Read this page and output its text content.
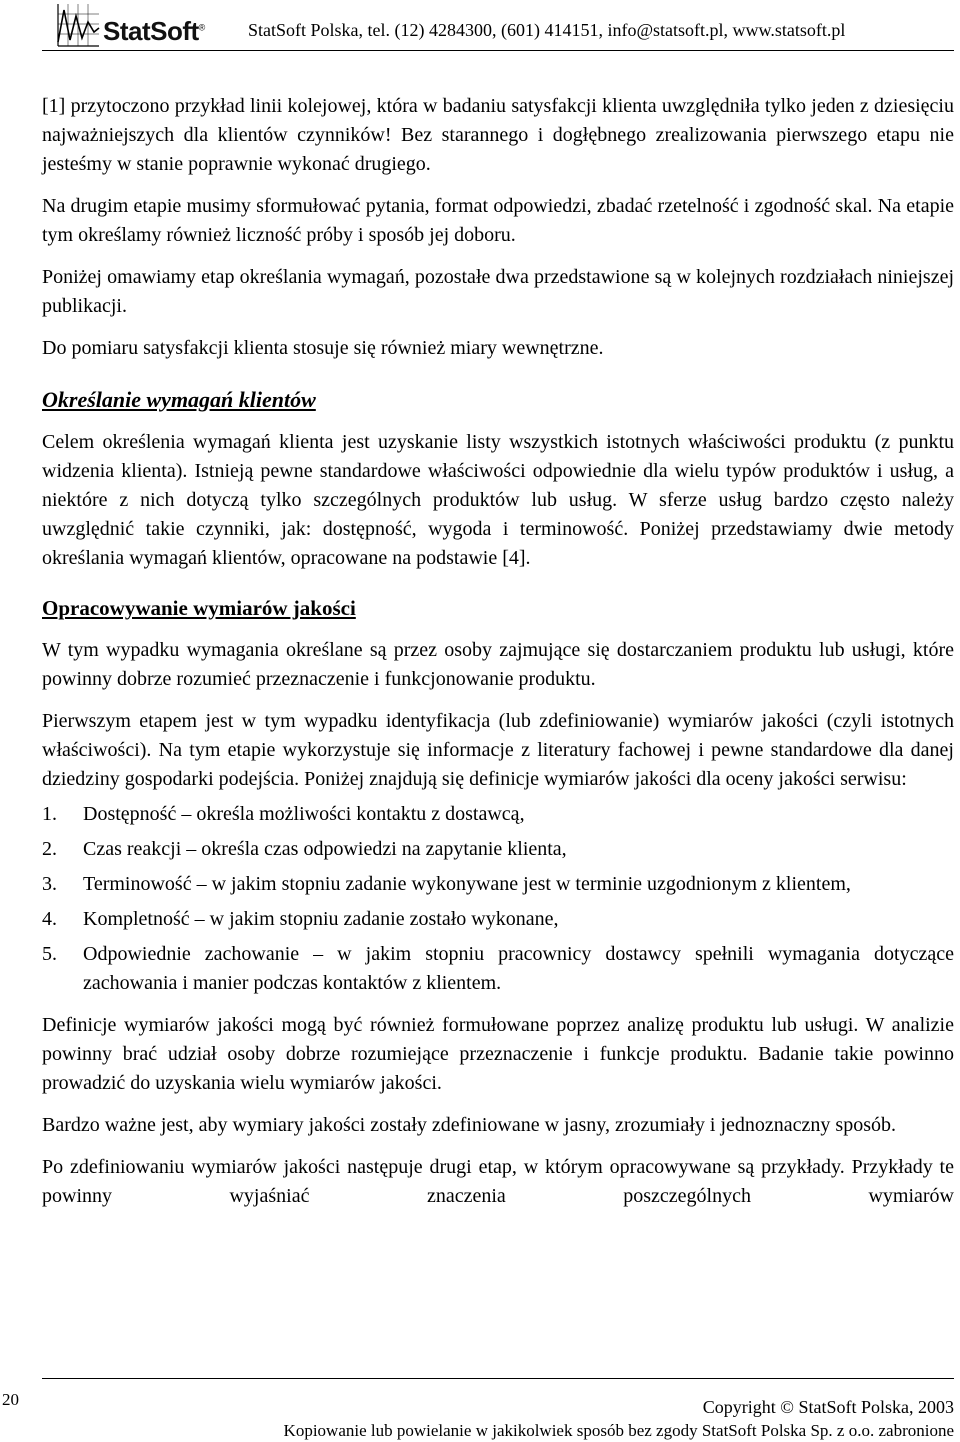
StatSoft® StatSoft Polska, tel. (12) 4284300, (601) 414151, info@statsoft.pl, www.statsoft.pl

[1] przytoczono przykład linii kolejowej, która w badaniu satysfakcji klienta uwzględniła tylko jeden z dziesięciu najważniejszych dla klientów czynników! Bez starannego i dogłębnego zrealizowania pierwszego etapu nie jesteśmy w stanie poprawnie wykonać drugiego.

Na drugim etapie musimy sformułować pytania, format odpowiedzi, zbadać rzetelność i zgodność skal. Na etapie tym określamy również liczność próby i sposób jej doboru.

Poniżej omawiamy etap określania wymagań, pozostałe dwa przedstawione są w kolejnych rozdziałach niniejszej publikacji.

Do pomiaru satysfakcji klienta stosuje się również miary wewnętrzne.

Określanie wymagań klientów

Celem określenia wymagań klienta jest uzyskanie listy wszystkich istotnych właściwości produktu (z punktu widzenia klienta). Istnieją pewne standardowe właściwości odpowiednie dla wielu typów produktów i usług, a niektóre z nich dotyczą tylko szczególnych produktów lub usług. W sferze usług bardzo często należy uwzględnić takie czynniki, jak: dostępność, wygoda i terminowość. Poniżej przedstawiamy dwie metody określania wymagań klientów, opracowane na podstawie [4].

Opracowywanie wymiarów jakości

W tym wypadku wymagania określane są przez osoby zajmujące się dostarczaniem produktu lub usługi, które powinny dobrze rozumieć przeznaczenie i funkcjonowanie produktu.

Pierwszym etapem jest w tym wypadku identyfikacja (lub zdefiniowanie) wymiarów jakości (czyli istotnych właściwości). Na tym etapie wykorzystuje się informacje z literatury fachowej i pewne standardowe dla danej dziedziny gospodarki podejścia. Poniżej znajdują się definicje wymiarów jakości dla oceny jakości serwisu:

1.	Dostępność – określa możliwości kontaktu z dostawcą,
2.	Czas reakcji – określa czas odpowiedzi na zapytanie klienta,
3.	Terminowość – w jakim stopniu zadanie wykonywane jest w terminie uzgodnionym z klientem,
4.	Kompletność – w jakim stopniu zadanie zostało wykonane,
5.	Odpowiednie zachowanie – w jakim stopniu pracownicy dostawcy spełnili wymagania dotyczące zachowania i manier podczas kontaktów z klientem.

Definicje wymiarów jakości mogą być również formułowane poprzez analizę produktu lub usługi. W analizie powinny brać udział osoby dobrze rozumiejące przeznaczenie i funkcje produktu. Badanie takie powinno prowadzić do uzyskania wielu wymiarów jakości.

Bardzo ważne jest, aby wymiary jakości zostały zdefiniowane w jasny, zrozumiały i jednoznaczny sposób.

Po zdefiniowaniu wymiarów jakości następuje drugi etap, w którym opracowywane są przykłady. Przykłady te powinny wyjaśniać znaczenia poszczególnych wymiarów

20	Copyright © StatSoft Polska, 2003
Kopiowanie lub powielanie w jakikolwiek sposób bez zgody StatSoft Polska Sp. z o.o. zabronione
